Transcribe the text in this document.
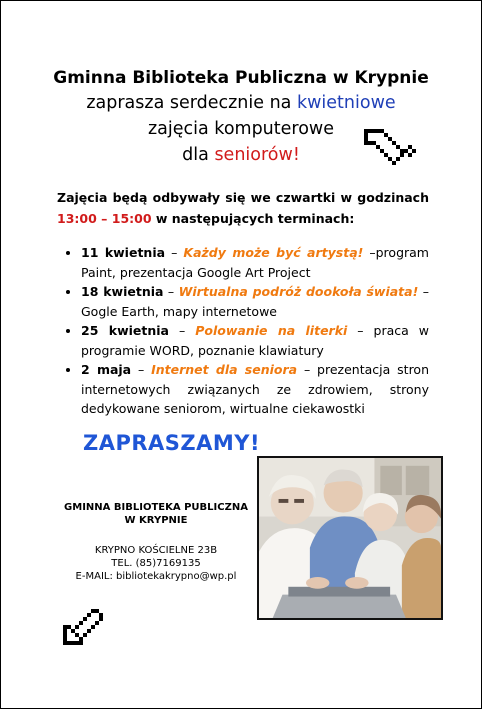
Gminna Biblioteka Publiczna w Krypnie
zaprasza serdecznie na kwietniowe
zajęcia komputerowe
dla seniorów!
Zajęcia będą odbywały się we czwartki w godzinach 13:00 – 15:00 w następujących terminach:
• 11 kwietnia – Każdy może być artystą! –program Paint, prezentacja Google Art Project
• 18 kwietnia – Wirtualna podróż dookoła świata! – Gogle Earth, mapy internetowe
• 25 kwietnia – Polowanie na literki – praca w programie WORD, poznanie klawiatury
• 2 maja – Internet dla seniora – prezentacja stron internetowych związanych ze zdrowiem, strony dedykowane seniorom, wirtualne ciekawostki
ZAPRASZAMY!
GMINNA BIBLIOTEKA PUBLICZNA W KRYPNIE
KRYPNO KOŚCIELNE 23B
TEL. (85)7169135
E-MAIL: bibliotekakrypno@wp.pl
